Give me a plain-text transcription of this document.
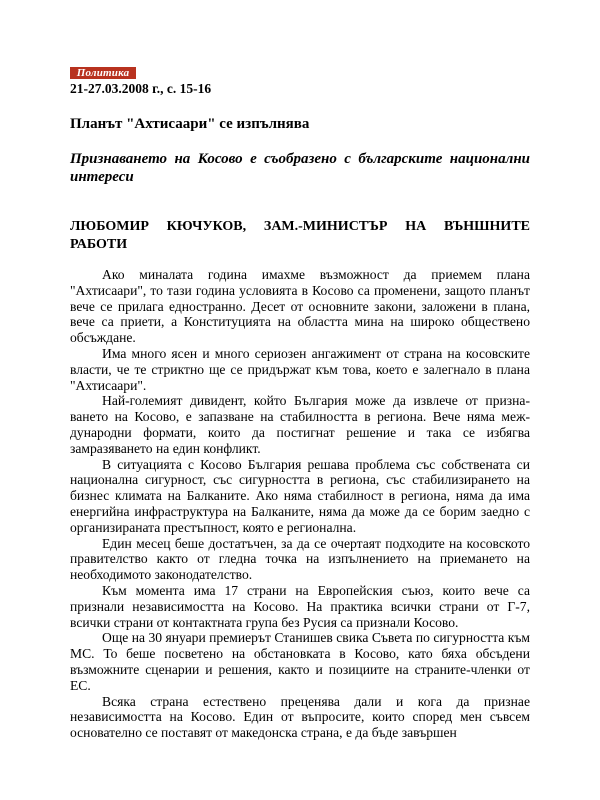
Политика
21-27.03.2008 г., с. 15-16
Планът "Ахтисаари" се изпълнява
Признаването на Косово е съобразено с българските национални интереси
ЛЮБОМИР КЮЧУКОВ, ЗАМ.-МИНИСТЪР НА ВЪНШНИТЕ РАБОТИ

Ако миналата година имахме възможност да приемем плана "Ахтисаари", то тази година условията в Косово са променени, защото планът вече се прилага едностранно. Десет от основните закони, заложени в плана, вече са приети, а Конституцията на областта мина на широко обществено обсъждане.

Има много ясен и много сериозен ангажимент от страна на косовските власти, че те стриктно ще се придържат към това, което е залегнало в плана "Ахтисаари".

Най-големият дивидент, който България може да извлече от признаването на Косово, е запазване на стабилността в региона. Вече няма международни формати, които да постигнат решение и така се избягва замразяването на един конфликт.

В ситуацията с Косово България решава проблема със собствената си национална сигурност, със сигурността в региона, със стабилизирането на бизнес климата на Балканите. Ако няма стабилност в региона, няма да има енергийна инфраструктура на Балканите, няма да може да се борим заедно с организираната престъпност, която е регионална.

Един месец беше достатъчен, за да се очертаят подходите на косовското правителство както от гледна точка на изпълнението на приемането на необходимото законодателство.

Към момента има 17 страни на Европейския съюз, които вече са признали независимостта на Косово. На практика всички страни от Г-7, всички страни от контактната група без Русия са признали Косово.

Още на 30 януари премиерът Станишев свика Съвета по сигурността към МС. То беше посветено на обстановката в Косово, като бяха обсъдени възможните сценарии и решения, както и позициите на страните-членки от ЕС.

Всяка страна естествено преценява дали и кога да признае независимостта на Косово. Един от въпросите, които според мен съвсем основателно се поставят от македонска страна, е да бъде завършен
